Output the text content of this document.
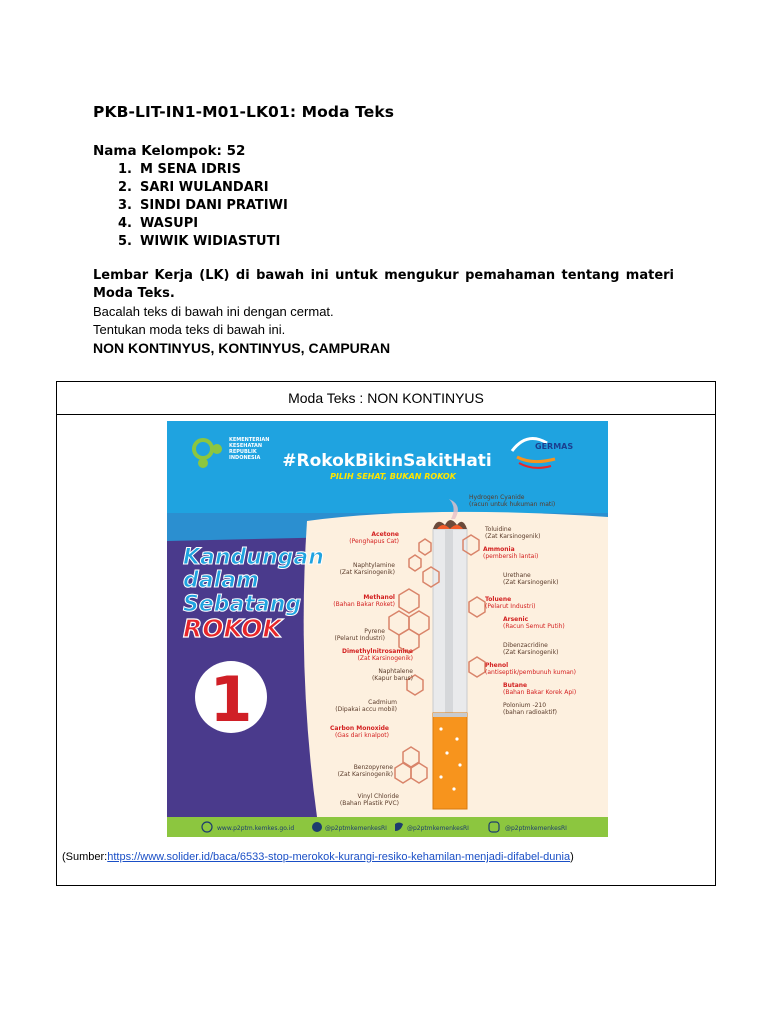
PKB-LIT-IN1-M01-LK01: Moda Teks
Nama Kelompok: 52
1. M SENA IDRIS
2. SARI WULANDARI
3. SINDI DANI PRATIWI
4. WASUPI
5. WIWIK WIDIASTUTI
Lembar Kerja (LK) di bawah ini untuk mengukur pemahaman tentang materi Moda Teks.
Bacalah teks di bawah ini dengan cermat.
Tentukan moda teks di bawah ini.
NON KONTINYUS, KONTINYUS, CAMPURAN
Moda Teks : NON KONTINYUS
KEMENTERIAN
KESEHATAN
REPUBLIK
INDONESIA #RokokBikinSakitHati
PILIH SEHAT, BUKAN ROKOK
GERMAS
Kandungan
dalam
Sebatang
ROKOK
1
Acetone
(Penghapus Cat)
Naphtylamine
(Zat Karsinogenik)
Methanol
(Bahan Bakar Roket)
Pyrene
(Pelarut Industri)
Dimethylnitrosamine
(Zat Karsinogenik)
Naphtalene
(Kapur barus)
Cadmium
(Dipakai accu mobil)
Carbon Monoxide
(Gas dari knalpot)
Benzopyrene
(Zat Karsinogenik)
Vinyl Chloride
(Bahan Plastik PVC)
Hydrogen Cyanide
(racun untuk hukuman mati)
Toluidine
(Zat Karsinogenik)
Ammonia
(pembersih lantai)
Urethane
(Zat Karsinogenik)
Toluene
(Pelarut Industri)
Arsenic
(Racun Semut Putih)
Dibenzacridine
(Zat Karsinogenik)
Phenol
(antiseptik/pembunuh kuman)
Butane
(Bahan Bakar Korek Api)
Polonium -210
(bahan radioaktif)
www.p2ptm.kemkes.go.id	@p2ptmkemenkesRI	@p2ptmkemenkesRI	@p2ptmkemenkesRI
(Sumber:https://www.solider.id/baca/6533-stop-merokok-kurangi-resiko-kehamilan-menjadi-difabel-dunia)
